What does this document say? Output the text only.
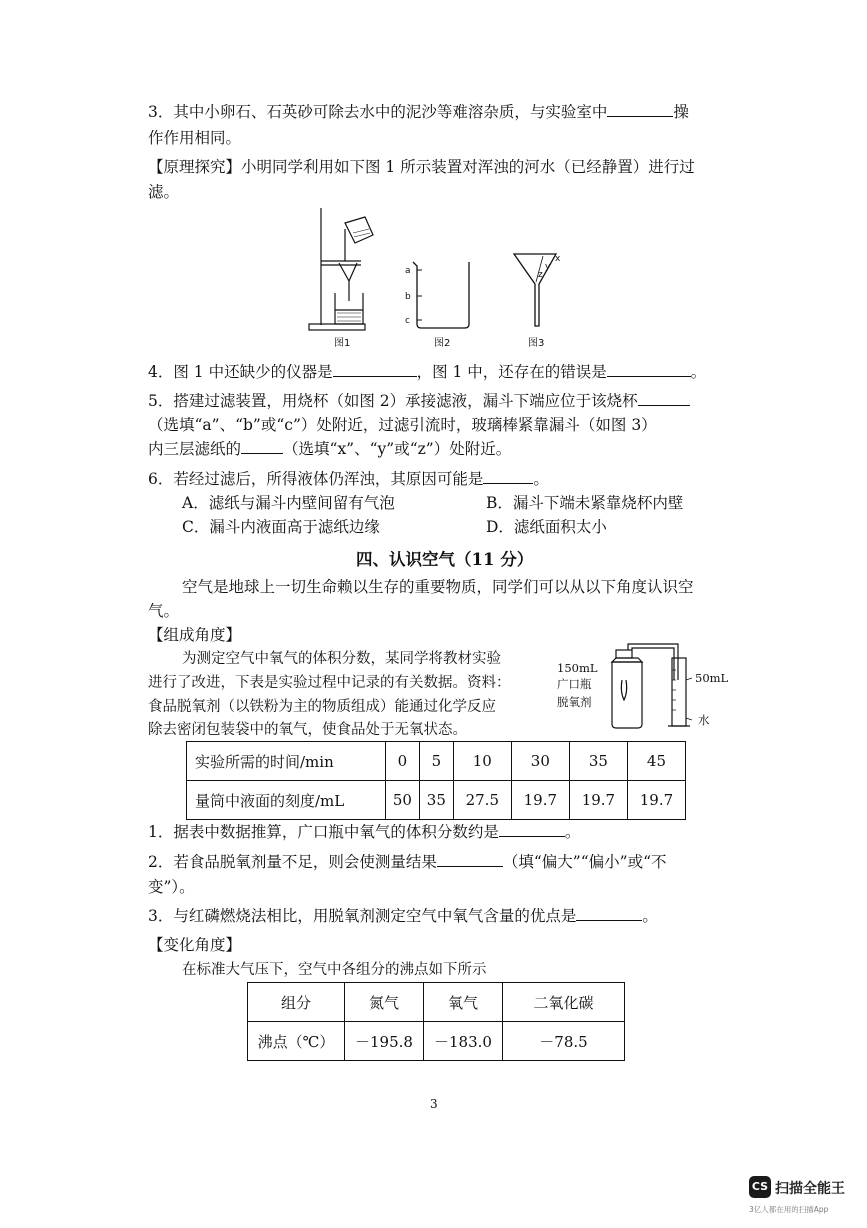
3．其中小卵石、石英砂可除去水中的泥沙等难溶杂质，与实验室中	操
作作用相同。
【原理探究】小明同学利用如下图 1 所示装置对浑浊的河水（已经静置）进行过
滤。
图1
a
b
c
图2
x
y
z
图3
4．图 1 中还缺少的仪器是	，图 1 中，还存在的错误是	。
5．搭建过滤装置，用烧杯（如图 2）承接滤液，漏斗下端应位于该烧杯
（选填“a”、“b”或“c”）处附近，过滤引流时，玻璃棒紧靠漏斗（如图 3）
内三层滤纸的	（选填“x”、“y”或“z”）处附近。
6．若经过滤后，所得液体仍浑浊，其原因可能是	。
A．滤纸与漏斗内壁间留有气泡	B．漏斗下端未紧靠烧杯内壁
C．漏斗内液面高于滤纸边缘	D．滤纸面积太小
四、认识空气（11 分）
空气是地球上一切生命赖以生存的重要物质，同学们可以从以下角度认识空
气。
【组成角度】
为测定空气中氧气的体积分数，某同学将教材实验
进行了改进，下表是实验过程中记录的有关数据。资料：
食品脱氧剂（以铁粉为主的物质组成）能通过化学反应
除去密闭包装袋中的氧气，使食品处于无氧状态。
150mL
广口瓶
脱氧剂
50mL
水
实验所需的时间/min	0	5	10	30	35	45
量筒中液面的刻度/mL	50	35	27.5	19.7	19.7	19.7
1．据表中数据推算，广口瓶中氧气的体积分数约是	。
2．若食品脱氧剂量不足，则会使测量结果	（填“偏大”“偏小”或“不
变”）。
3．与红磷燃烧法相比，用脱氧剂测定空气中氧气含量的优点是	。
【变化角度】
在标准大气压下，空气中各组分的沸点如下所示
组分	氮气	氧气	二氧化碳
沸点（℃）	－195.8	－183.0	－78.5
3
CS 扫描全能王
3亿人都在用的扫描App
